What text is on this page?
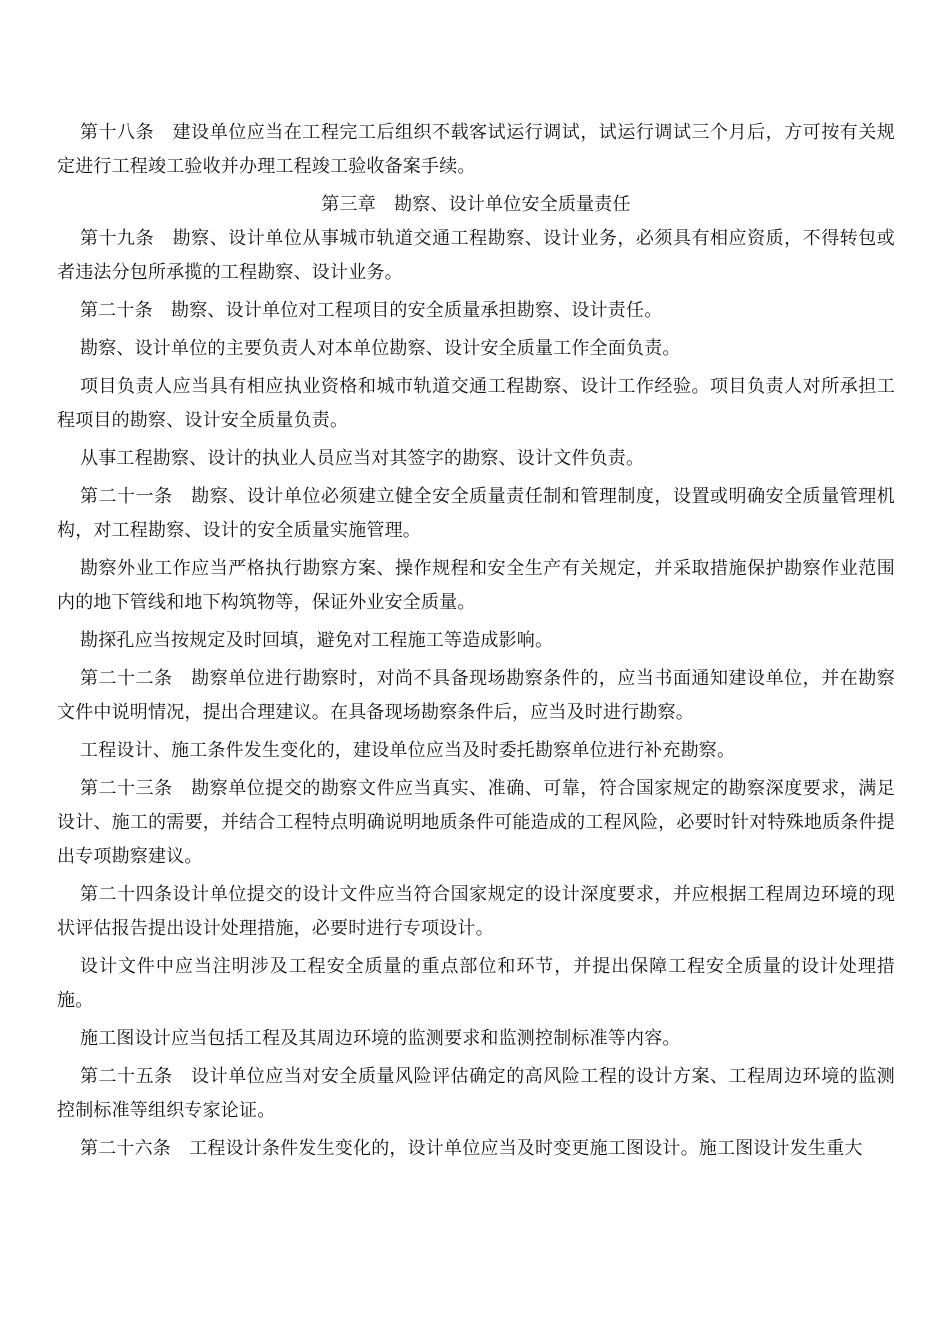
第十八条　建设单位应当在工程完工后组织不载客试运行调试，试运行调试三个月后，方可按有关规定进行工程竣工验收并办理工程竣工验收备案手续。

第三章　勘察、设计单位安全质量责任

第十九条　勘察、设计单位从事城市轨道交通工程勘察、设计业务，必须具有相应资质，不得转包或者违法分包所承揽的工程勘察、设计业务。

第二十条　勘察、设计单位对工程项目的安全质量承担勘察、设计责任。

勘察、设计单位的主要负责人对本单位勘察、设计安全质量工作全面负责。

项目负责人应当具有相应执业资格和城市轨道交通工程勘察、设计工作经验。项目负责人对所承担工程项目的勘察、设计安全质量负责。

从事工程勘察、设计的执业人员应当对其签字的勘察、设计文件负责。

第二十一条　勘察、设计单位必须建立健全安全质量责任制和管理制度，设置或明确安全质量管理机构，对工程勘察、设计的安全质量实施管理。

勘察外业工作应当严格执行勘察方案、操作规程和安全生产有关规定，并采取措施保护勘察作业范围内的地下管线和地下构筑物等，保证外业安全质量。

勘探孔应当按规定及时回填，避免对工程施工等造成影响。

第二十二条　勘察单位进行勘察时，对尚不具备现场勘察条件的，应当书面通知建设单位，并在勘察文件中说明情况，提出合理建议。在具备现场勘察条件后，应当及时进行勘察。

工程设计、施工条件发生变化的，建设单位应当及时委托勘察单位进行补充勘察。

第二十三条　勘察单位提交的勘察文件应当真实、准确、可靠，符合国家规定的勘察深度要求，满足设计、施工的需要，并结合工程特点明确说明地质条件可能造成的工程风险，必要时针对特殊地质条件提出专项勘察建议。

第二十四条设计单位提交的设计文件应当符合国家规定的设计深度要求，并应根据工程周边环境的现状评估报告提出设计处理措施，必要时进行专项设计。

设计文件中应当注明涉及工程安全质量的重点部位和环节，并提出保障工程安全质量的设计处理措施。

施工图设计应当包括工程及其周边环境的监测要求和监测控制标准等内容。

第二十五条　设计单位应当对安全质量风险评估确定的高风险工程的设计方案、工程周边环境的监测控制标准等组织专家论证。

第二十六条　工程设计条件发生变化的，设计单位应当及时变更施工图设计。施工图设计发生重大
